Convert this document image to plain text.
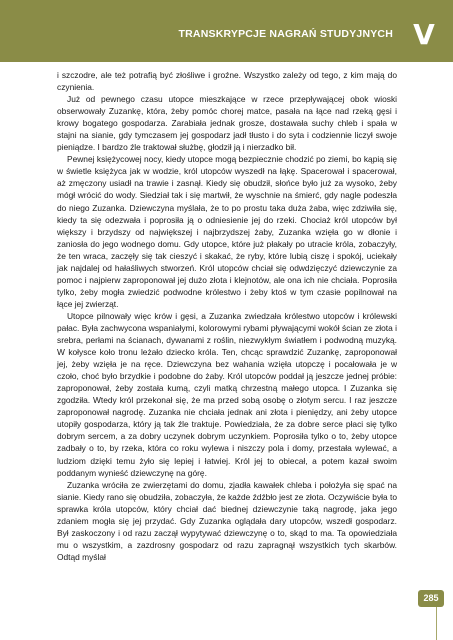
TRANSKRYPCJE NAGRAŃ STUDYJNYCH V

i szczodre, ale też potrafią być złośliwe i groźne. Wszystko zależy od tego, z kim mają do czynienia.

Już od pewnego czasu utopce mieszkające w rzece przepływającej obok wioski obserwowały Zuzankę, która, żeby pomóc chorej matce, pasała na łące nad rzeką gęsi i krowy bogatego gospodarza. Zarabiała jednak grosze, dostawała suchy chleb i spała w stajni na sianie, gdy tymczasem jej gospodarz jadł tłusto i do syta i codziennie liczył swoje pieniądze. I bardzo źle traktował służbę, głodził ją i nierzadko bił.

Pewnej księżycowej nocy, kiedy utopce mogą bezpiecznie chodzić po ziemi, bo kąpią się w świetle księżyca jak w wodzie, król utopców wyszedł na łąkę. Spacerował i spacerował, aż zmęczony usiadł na trawie i zasnął. Kiedy się obudził, słońce było już za wysoko, żeby mógł wrócić do wody. Siedział tak i się martwił, że wyschnie na śmierć, gdy nagle podeszła do niego Zuzanka. Dziewczyna myślała, że to po prostu taka duża żaba, więc zdziwiła się, kiedy ta się odezwała i poprosiła ją o odniesienie jej do rzeki. Chociaż król utopców był większy i brzydszy od największej i najbrzydszej żaby, Zuzanka wzięła go w dłonie i zaniosła do jego wodnego domu. Gdy utopce, które już płakały po utracie króla, zobaczyły, że ten wraca, zaczęły się tak cieszyć i skakać, że ryby, które lubią ciszę i spokój, uciekały jak najdalej od hałaśliwych stworzeń. Król utopców chciał się odwdzięczyć dziewczynie za pomoc i najpierw zaproponował jej dużo złota i klejnotów, ale ona ich nie chciała. Poprosiła tylko, żeby mogła zwiedzić podwodne królestwo i żeby ktoś w tym czasie popilnował na łące jej zwierząt.

Utopce pilnowały więc krów i gęsi, a Zuzanka zwiedzała królestwo utopców i królewski pałac. Była zachwycona wspaniałymi, kolorowymi rybami pływającymi wokół ścian ze złota i srebra, perłami na ścianach, dywanami z roślin, niezwykłym światłem i podwodną muzyką. W kołysce koło tronu leżało dziecko króla. Ten, chcąc sprawdzić Zuzankę, zaproponował jej, żeby wzięła je na ręce. Dziewczyna bez wahania wzięła utopczę i pocałowała je w czoło, choć było brzydkie i podobne do żaby. Król utopców poddał ją jeszcze jednej próbie: zaproponował, żeby została kumą, czyli matką chrzestną małego utopca. I Zuzanka się zgodziła. Wtedy król przekonał się, że ma przed sobą osobę o złotym sercu. I raz jeszcze zaproponował nagrodę. Zuzanka nie chciała jednak ani złota i pieniędzy, ani żeby utopce utopiły gospodarza, który ją tak źle traktuje. Powiedziała, że za dobre serce płaci się tylko dobrym sercem, a za dobry uczynek dobrym uczynkiem. Poprosiła tylko o to, żeby utopce zadbały o to, by rzeka, która co roku wylewa i niszczy pola i domy, przestała wylewać, a ludziom dzięki temu żyło się lepiej i łatwiej. Król jej to obiecał, a potem kazał swoim poddanym wynieść dziewczynę na górę.

Zuzanka wróciła ze zwierzętami do domu, zjadła kawałek chleba i położyła się spać na sianie. Kiedy rano się obudziła, zobaczyła, że każde źdźbło jest ze złota. Oczywiście była to sprawka króla utopców, który chciał dać biednej dziewczynie taką nagrodę, jaka jego zdaniem mogła się jej przydać. Gdy Zuzanka oglądała dary utopców, wszedł gospodarz. Był zaskoczony i od razu zaczął wypytywać dziewczynę o to, skąd to ma. Ta opowiedziała mu o wszystkim, a zazdrosny gospodarz od razu zapragnął wszystkich tych skarbów. Odtąd myślał

285
